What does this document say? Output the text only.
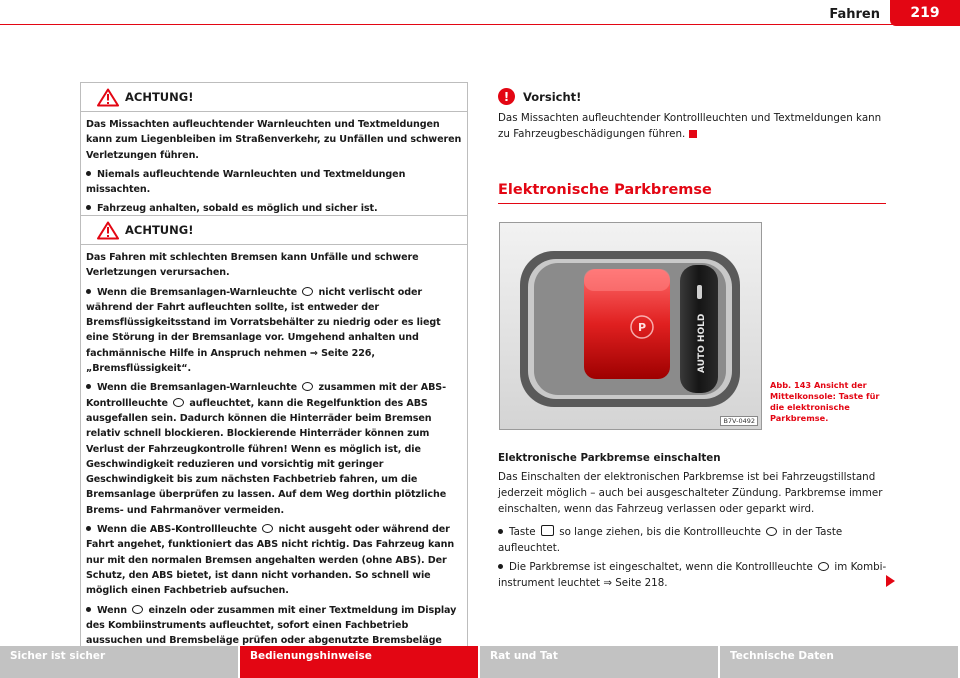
Fahren	219
ACHTUNG!

Das Missachten aufleuchtender Warnleuchten und Textmeldungen kann zum Liegenbleiben im Straßenverkehr, zu Unfällen und schweren Verletzungen führen.

Niemals aufleuchtende Warnleuchten und Textmeldungen missachten.
Fahrzeug anhalten, sobald es möglich und sicher ist.
ACHTUNG!

Das Fahren mit schlechten Bremsen kann Unfälle und schwere Verletzungen verursachen.

Wenn die Bremsanlagen-Warnleuchte nicht verlischt oder während der Fahrt aufleuchten sollte, ist entweder der Bremsflüssigkeitsstand im Vorratsbehälter zu niedrig oder es liegt eine Störung in der Bremsanlage vor. Umgehend anhalten und fachmännische Hilfe in Anspruch nehmen ⇒ Seite 226, „Bremsflüssigkeit“.
Wenn die Bremsanlagen-Warnleuchte zusammen mit der ABS-Kontrollleuchte aufleuchtet, kann die Regelfunktion des ABS ausgefallen sein. Dadurch können die Hinterräder beim Bremsen relativ schnell blockieren. Blockierende Hinterräder können zum Verlust der Fahrzeugkontrolle führen! Wenn es möglich ist, die Geschwindigkeit reduzieren und vorsichtig mit geringer Geschwindigkeit bis zum nächsten Fachbetrieb fahren, um die Bremsanlage überprüfen zu lassen. Auf dem Weg dorthin plötzliche Brems- und Fahrmanöver vermeiden.
Wenn die ABS-Kontrollleuchte nicht ausgeht oder während der Fahrt angehet, funktioniert das ABS nicht richtig. Das Fahrzeug kann nur mit den normalen Bremsen angehalten werden (ohne ABS). Der Schutz, den ABS bietet, ist dann nicht vorhanden. So schnell wie möglich einen Fachbetrieb aufsuchen.
Wenn einzeln oder zusammen mit einer Textmeldung im Display des Kombiinstruments aufleuchtet, sofort einen Fachbetrieb aussuchen und Bremsbeläge prüfen oder abgenutzte Bremsbeläge
!	Vorsicht!
Das Missachten aufleuchtender Kontrollleuchten und Textmeldungen kann zu Fahrzeugbeschädigungen führen.
Elektronische Parkbremse
P	AUTO HOLD
B7V-0492
Abb. 143 Ansicht der Mittelkonsole: Taste für die elektronische Parkbremse.
Elektronische Parkbremse einschalten
Das Einschalten der elektronischen Parkbremse ist bei Fahrzeugstillstand jederzeit möglich – auch bei ausgeschalteter Zündung. Parkbremse immer einschalten, wenn das Fahrzeug verlassen oder geparkt wird.
Taste so lange ziehen, bis die Kontrollleuchte in der Taste aufleuchtet.
Die Parkbremse ist eingeschaltet, wenn die Kontrollleuchte im Kombi-instrument leuchtet ⇒ Seite 218.
Sicher ist sicher	Bedienungshinweise	Rat und Tat	Technische Daten
